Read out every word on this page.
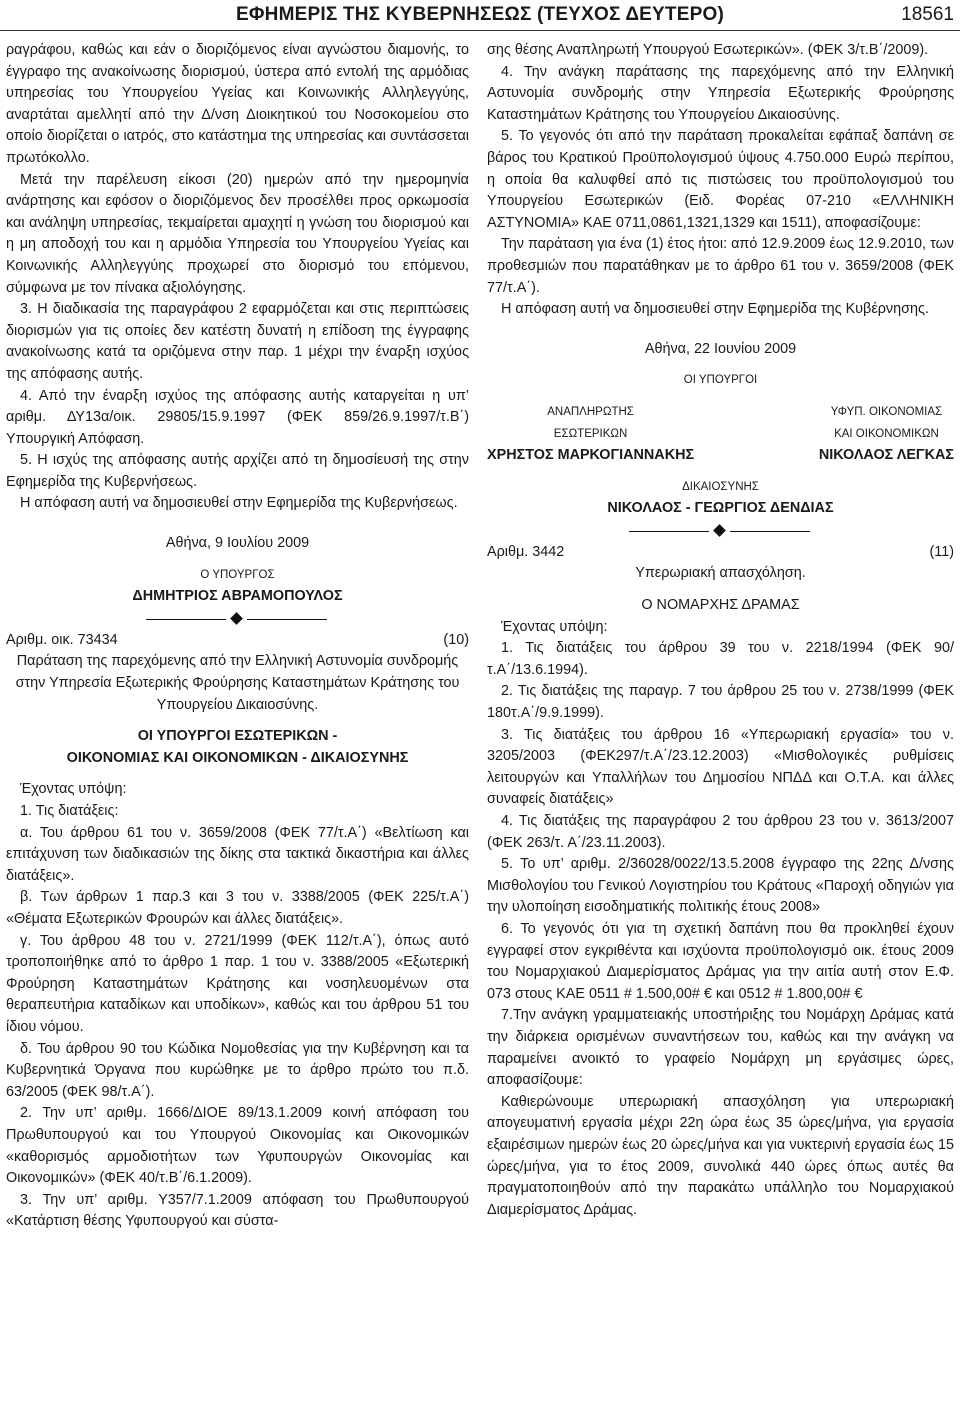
ΕΦΗΜΕΡΙΣ ΤΗΣ ΚΥΒΕΡΝΗΣΕΩΣ (ΤΕΥΧΟΣ ΔΕΥΤΕΡΟ)	18561

ραγράφου, καθώς και εάν ο διοριζόμενος είναι αγνώστου διαμονής, το έγγραφο της ανακοίνωσης διορισμού, ύστερα από εντολή της αρμόδιας υπηρεσίας του Υπουργείου Υγείας και Κοινωνικής Αλληλεγγύης, αναρτάται αμελλητί από την Δ/νση Διοικητικού του Νοσοκομείου στο οποίο διορίζεται ο ιατρός, στο κατάστημα της υπηρεσίας και συντάσσεται πρωτόκολλο.

Μετά την παρέλευση είκοσι (20) ημερών από την ημερομηνία ανάρτησης και εφόσον ο διοριζόμενος δεν προσέλθει προς ορκωμοσία και ανάληψη υπηρεσίας, τεκμαίρεται αμαχητί η γνώση του διορισμού και η μη αποδοχή του και η αρμόδια Υπηρεσία του Υπουργείου Υγείας και Κοινωνικής Αλληλεγγύης προχωρεί στο διορισμό του επόμενου, σύμφωνα με τον πίνακα αξιολόγησης.

3. Η διαδικασία της παραγράφου 2 εφαρμόζεται και στις περιπτώσεις διορισμών για τις οποίες δεν κατέστη δυνατή η επίδοση της έγγραφης ανακοίνωσης κατά τα οριζόμενα στην παρ. 1 μέχρι την έναρξη ισχύος της απόφασης αυτής.

4. Από την έναρξη ισχύος της απόφασης αυτής καταργείται η υπ’ αριθμ. ΔΥ13α/οικ. 29805/15.9.1997 (ΦΕΚ 859/26.9.1997/τ.Β΄) Υπουργική Απόφαση.

5. Η ισχύς της απόφασης αυτής αρχίζει από τη δημοσίευσή της στην Εφημερίδα της Κυβερνήσεως.

Η απόφαση αυτή να δημοσιευθεί στην Εφημερίδα της Κυβερνήσεως.

Αθήνα, 9 Ιουλίου 2009

Ο ΥΠΟΥΡΓΟΣ

ΔΗΜΗΤΡΙΟΣ ΑΒΡΑΜΟΠΟΥΛΟΣ

Αριθμ. οικ. 73434	(10)

Παράταση της παρεχόμενης από την Ελληνική Αστυνομία συνδρομής στην Υπηρεσία Εξωτερικής Φρούρησης Καταστημάτων Κράτησης του Υπουργείου Δικαιοσύνης.

ΟΙ ΥΠΟΥΡΓΟΙ ΕΣΩΤΕΡΙΚΩΝ -

ΟΙΚΟΝΟΜΙΑΣ ΚΑΙ ΟΙΚΟΝΟΜΙΚΩΝ - ΔΙΚΑΙΟΣΥΝΗΣ

Έχοντας υπόψη:

1. Τις διατάξεις:

α. Του άρθρου 61 του ν. 3659/2008 (ΦΕΚ 77/τ.Α΄) «Βελτίωση και επιτάχυνση των διαδικασιών της δίκης στα τακτικά δικαστήρια και άλλες διατάξεις».

β. Των άρθρων 1 παρ.3 και 3 του ν. 3388/2005 (ΦΕΚ 225/τ.Α΄) «Θέματα Εξωτερικών Φρουρών και άλλες διατάξεις».

γ. Του άρθρου 48 του ν. 2721/1999 (ΦΕΚ 112/τ.Α΄), όπως αυτό τροποποιήθηκε από το άρθρο 1 παρ. 1 του ν. 3388/2005 «Εξωτερική Φρούρηση Καταστημάτων Κράτησης και νοσηλευομένων στα θεραπευτήρια καταδίκων και υποδίκων», καθώς και του άρθρου 51 του ίδιου νόμου.

δ. Του άρθρου 90 του Κώδικα Νομοθεσίας για την Κυβέρνηση και τα Κυβερνητικά Όργανα που κυρώθηκε με το άρθρο πρώτο του π.δ. 63/2005 (ΦΕΚ 98/τ.Α΄).

2. Την υπ’ αριθμ. 1666/ΔΙΟΕ 89/13.1.2009 κοινή απόφαση του Πρωθυπουργού και του Υπουργού Οικονομίας και Οικονομικών «καθορισμός αρμοδιοτήτων των Υφυπουργών Οικονομίας και Οικονομικών» (ΦΕΚ 40/τ.Β΄/6.1.2009).

3. Την υπ’ αριθμ. Υ357/7.1.2009 απόφαση του Πρωθυπουργού «Κατάρτιση θέσης Υφυπουργού και σύστα-

σης θέσης Αναπληρωτή Υπουργού Εσωτερικών». (ΦΕΚ 3/τ.Β΄/2009).

4. Την ανάγκη παράτασης της παρεχόμενης από την Ελληνική Αστυνομία συνδρομής στην Υπηρεσία Εξωτερικής Φρούρησης Καταστημάτων Κράτησης του Υπουργείου Δικαιοσύνης.

5. Το γεγονός ότι από την παράταση προκαλείται εφάπαξ δαπάνη σε βάρος του Κρατικού Προϋπολογισμού ύψους 4.750.000 Ευρώ περίπου, η οποία θα καλυφθεί από τις πιστώσεις του προϋπολογισμού του Υπουργείου Εσωτερικών (Ειδ. Φορέας 07-210 «ΕΛΛΗΝΙΚΗ ΑΣΤΥΝΟΜΙΑ» ΚΑΕ 0711,0861,1321,1329 και 1511), αποφασίζουμε:

Την παράταση για ένα (1) έτος ήτοι: από 12.9.2009 έως 12.9.2010, των προθεσμιών που παρατάθηκαν με το άρθρο 61 του ν. 3659/2008 (ΦΕΚ 77/τ.Α΄).

Η απόφαση αυτή να δημοσιευθεί στην Εφημερίδα της Κυβέρνησης.

Αθήνα, 22 Ιουνίου 2009

ΟΙ ΥΠΟΥΡΓΟΙ

ΑΝΑΠΛΗΡΩΤΗΣ

ΕΣΩΤΕΡΙΚΩΝ

ΧΡΗΣΤΟΣ ΜΑΡΚΟΓΙΑΝΝΑΚΗΣ

ΥΦΥΠ. ΟΙΚΟΝΟΜΙΑΣ

ΚΑΙ ΟΙΚΟΝΟΜΙΚΩΝ

ΝΙΚΟΛΑΟΣ ΛΕΓΚΑΣ

ΔΙΚΑΙΟΣΥΝΗΣ

ΝΙΚΟΛΑΟΣ - ΓΕΩΡΓΙΟΣ ΔΕΝΔΙΑΣ

Αριθμ. 3442	(11)

Υπερωριακή απασχόληση.

Ο ΝΟΜΑΡΧΗΣ ΔΡΑΜΑΣ

Έχοντας υπόψη:

1. Τις διατάξεις του άρθρου 39 του ν. 2218/1994 (ΦΕΚ 90/τ.Α΄/13.6.1994).

2. Τις διατάξεις της παραγρ. 7 του άρθρου 25 του ν. 2738/1999 (ΦΕΚ 180τ.Α΄/9.9.1999).

3. Τις διατάξεις του άρθρου 16 «Υπερωριακή εργασία» του ν. 3205/2003 (ΦΕΚ297/τ.Α΄/23.12.2003) «Μισθολογικές ρυθμίσεις λειτουργών και Υπαλλήλων του Δημοσίου ΝΠΔΔ και Ο.Τ.Α. και άλλες συναφείς διατάξεις»

4. Τις διατάξεις της παραγράφου 2 του άρθρου 23 του ν. 3613/2007 (ΦΕΚ 263/τ. Α΄/23.11.2003).

5. Το υπ’ αριθμ. 2/36028/0022/13.5.2008 έγγραφο της 22ης Δ/νσης Μισθολογίου του Γενικού Λογιστηρίου του Κράτους «Παροχή οδηγιών για την υλοποίηση εισοδηματικής πολιτικής έτους 2008»

6. Το γεγονός ότι για τη σχετική δαπάνη που θα προκληθεί έχουν εγγραφεί στον εγκριθέντα και ισχύοντα προϋπολογισμό οικ. έτους 2009 του Νομαρχιακού Διαμερίσματος Δράμας για την αιτία αυτή στον Ε.Φ. 073 στους ΚΑΕ 0511 # 1.500,00# € και 0512 # 1.800,00# €

7.Την ανάγκη γραμματειακής υποστήριξης του Νομάρχη Δράμας κατά την διάρκεια ορισμένων συναντήσεων του, καθώς και την ανάγκη να παραμείνει ανοικτό το γραφείο Νομάρχη μη εργάσιμες ώρες, αποφασίζουμε:

Καθιερώνουμε υπερωριακή απασχόληση για υπερωριακή απογευματινή εργασία μέχρι 22η ώρα έως 35 ώρες/μήνα, για εργασία εξαιρέσιμων ημερών έως 20 ώρες/μήνα και για νυκτερινή εργασία έως 15 ώρες/μήνα, για το έτος 2009, συνολικά 440 ώρες όπως αυτές θα πραγματοποιηθούν από την παρακάτω υπάλληλο του Νομαρχιακού Διαμερίσματος Δράμας.
